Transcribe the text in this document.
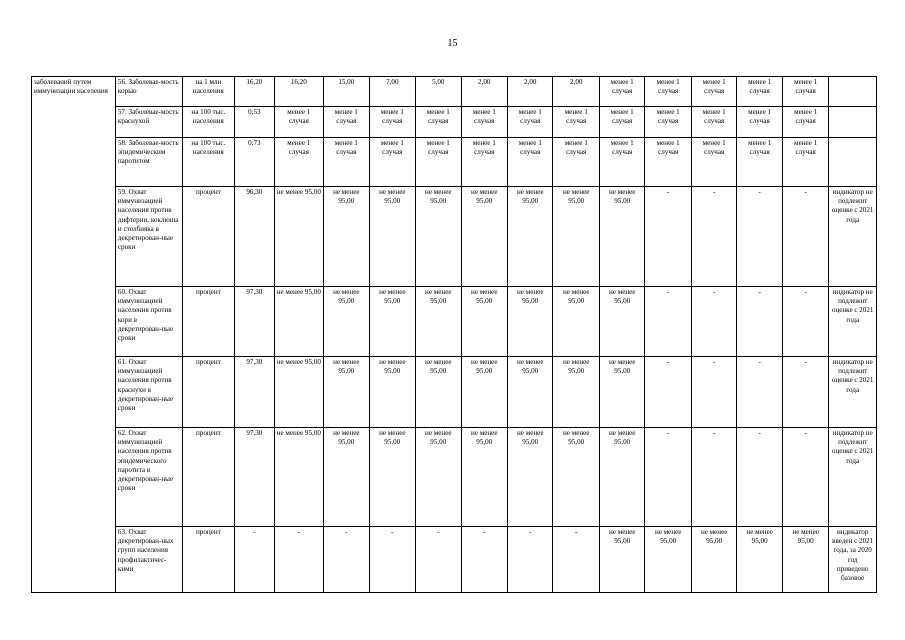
15
заболеваний путем иммунизации населения	56. Заболевае-мость корью	на 1 млн населения	16,20	16,20	15,00	7,00	5,00	2,00	2,00	2,00	менее 1 случая	менее 1 случая	менее 1 случая	менее 1 случая	менее 1 случая	
	57. Заболевае-мость краснухой	на 100 тыс. населения	0,53	менее 1 случая	менее 1 случая	менее 1 случая	менее 1 случая	менее 1 случая	менее 1 случая	менее 1 случая	менее 1 случая	менее 1 случая	менее 1 случая	менее 1 случая	менее 1 случая	
	58. Заболевае-мость эпидемическим паротитом	на 100 тыс. населения	0,73	менее 1 случая	менее 1 случая	менее 1 случая	менее 1 случая	менее 1 случая	менее 1 случая	менее 1 случая	менее 1 случая	менее 1 случая	менее 1 случая	менее 1 случая	менее 1 случая	
	59. Охват иммунизацией населения против дифтерии, коклюша и столбняка в декретирован-ные сроки	процент	96,30	не менее 95,00	не менее 95,00	не менее 95,00	не менее 95,00	не менее 95,00	не менее 95,00	не менее 95,00	не менее 95,00	-	-	-	-	индикатор не подлежит оценке с 2021 года
	60. Охват иммунизацией населения против кори в декретирован-ные сроки	процент	97,30	не менее 95,00	не менее 95,00	не менее 95,00	не менее 95,00	не менее 95,00	не менее 95,00	не менее 95,00	не менее 95,00	-	-	-	-	индикатор не подлежит оценке с 2021 года
	61. Охват иммунизацией населения против краснухи в декретирован-ные сроки	процент	97,30	не менее 95,00	не менее 95,00	не менее 95,00	не менее 95,00	не менее 95,00	не менее 95,00	не менее 95,00	не менее 95,00	-	-	-	-	индикатор не подлежит оценке с 2021 года
	62. Охват иммунизацией населения против эпидемического паротита в декретирован-ные сроки	процент	97,30	не менее 95,00	не менее 95,00	не менее 95,00	не менее 95,00	не менее 95,00	не менее 95,00	не менее 95,00	не менее 95,00	-	-	-	-	индикатор не подлежит оценке с 2021 года
	63. Охват декретирован-ных групп населения профилактичес-кими	процент	-	-	-	-	-	-	-	-	не менее 95,00	не менее 95,00	не менее 95,00	не менее 95,00	не менее 95,00	индикатор введен с 2021 года, за 2020 год приведено базовое
